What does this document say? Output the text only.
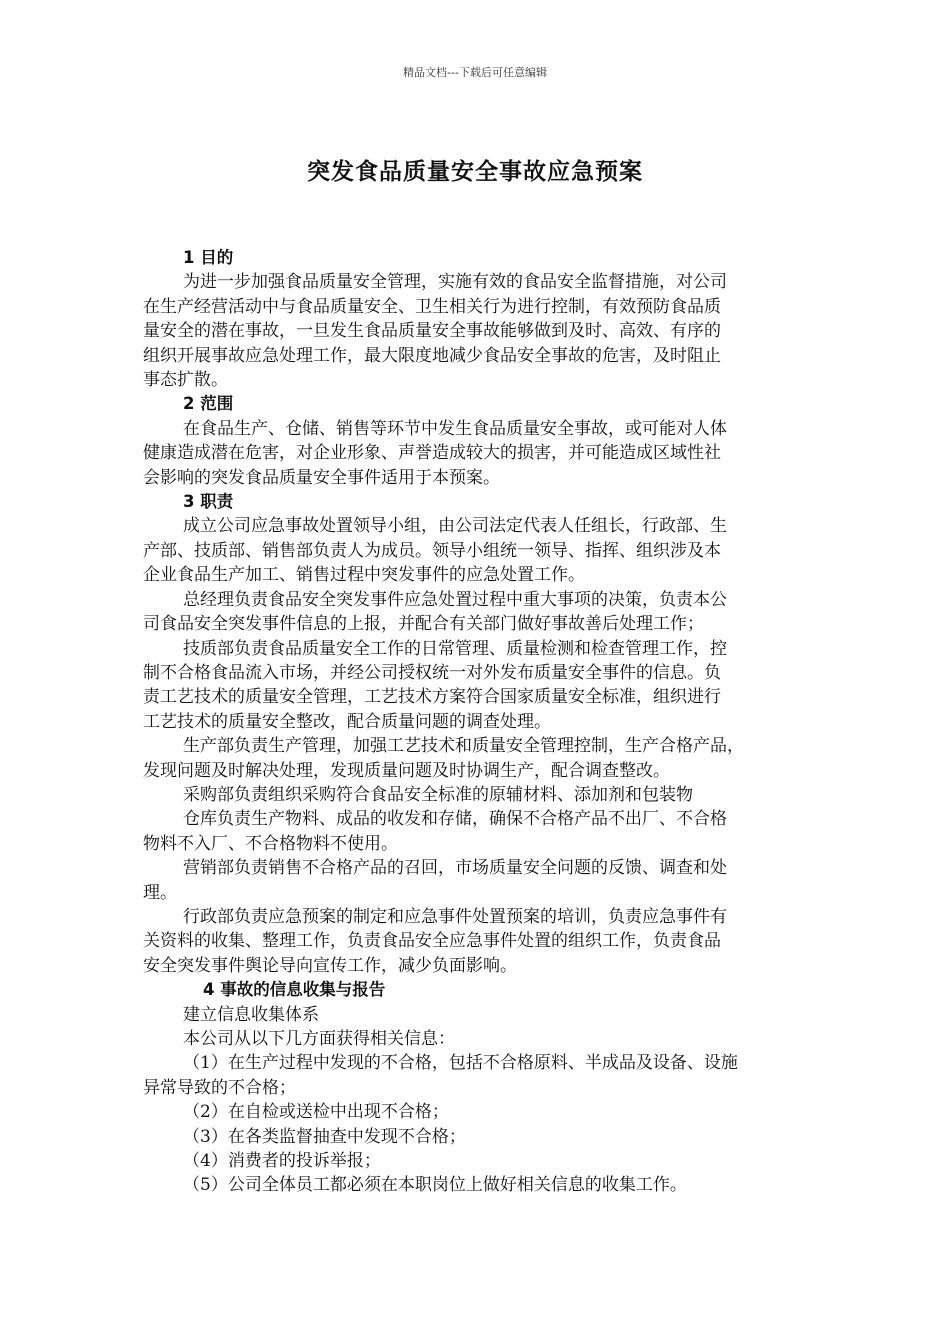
精品文档---下载后可任意编辑
突发食品质量安全事故应急预案
1 目的
为进一步加强食品质量安全管理，实施有效的食品安全监督措施，对公司
在生产经营活动中与食品质量安全、卫生相关行为进行控制，有效预防食品质
量安全的潜在事故，一旦发生食品质量安全事故能够做到及时、高效、有序的
组织开展事故应急处理工作，最大限度地减少食品安全事故的危害，及时阻止
事态扩散。
2 范围
在食品生产、仓储、销售等环节中发生食品质量安全事故，或可能对人体
健康造成潜在危害，对企业形象、声誉造成较大的损害，并可能造成区域性社
会影响的突发食品质量安全事件适用于本预案。
3 职责
成立公司应急事故处置领导小组，由公司法定代表人任组长，行政部、生
产部、技质部、销售部负责人为成员。领导小组统一领导、指挥、组织涉及本
企业食品生产加工、销售过程中突发事件的应急处置工作。
总经理负责食品安全突发事件应急处置过程中重大事项的决策，负责本公
司食品安全突发事件信息的上报，并配合有关部门做好事故善后处理工作；
技质部负责食品质量安全工作的日常管理、质量检测和检查管理工作，控
制不合格食品流入市场，并经公司授权统一对外发布质量安全事件的信息。负
责工艺技术的质量安全管理，工艺技术方案符合国家质量安全标准，组织进行
工艺技术的质量安全整改，配合质量问题的调查处理。
生产部负责生产管理，加强工艺技术和质量安全管理控制，生产合格产品，
发现问题及时解决处理，发现质量问题及时协调生产，配合调查整改。
采购部负责组织采购符合食品安全标准的原辅材料、添加剂和包装物
仓库负责生产物料、成品的收发和存储，确保不合格产品不出厂、不合格
物料不入厂、不合格物料不使用。
营销部负责销售不合格产品的召回，市场质量安全问题的反馈、调查和处
理。
行政部负责应急预案的制定和应急事件处置预案的培训，负责应急事件有
关资料的收集、整理工作，负责食品安全应急事件处置的组织工作，负责食品
安全突发事件舆论导向宣传工作，减少负面影响。
4 事故的信息收集与报告
建立信息收集体系
本公司从以下几方面获得相关信息：
（1）在生产过程中发现的不合格，包括不合格原料、半成品及设备、设施
异常导致的不合格；
（2）在自检或送检中出现不合格；
（3）在各类监督抽查中发现不合格；
（4）消费者的投诉举报；
（5）公司全体员工都必须在本职岗位上做好相关信息的收集工作。
